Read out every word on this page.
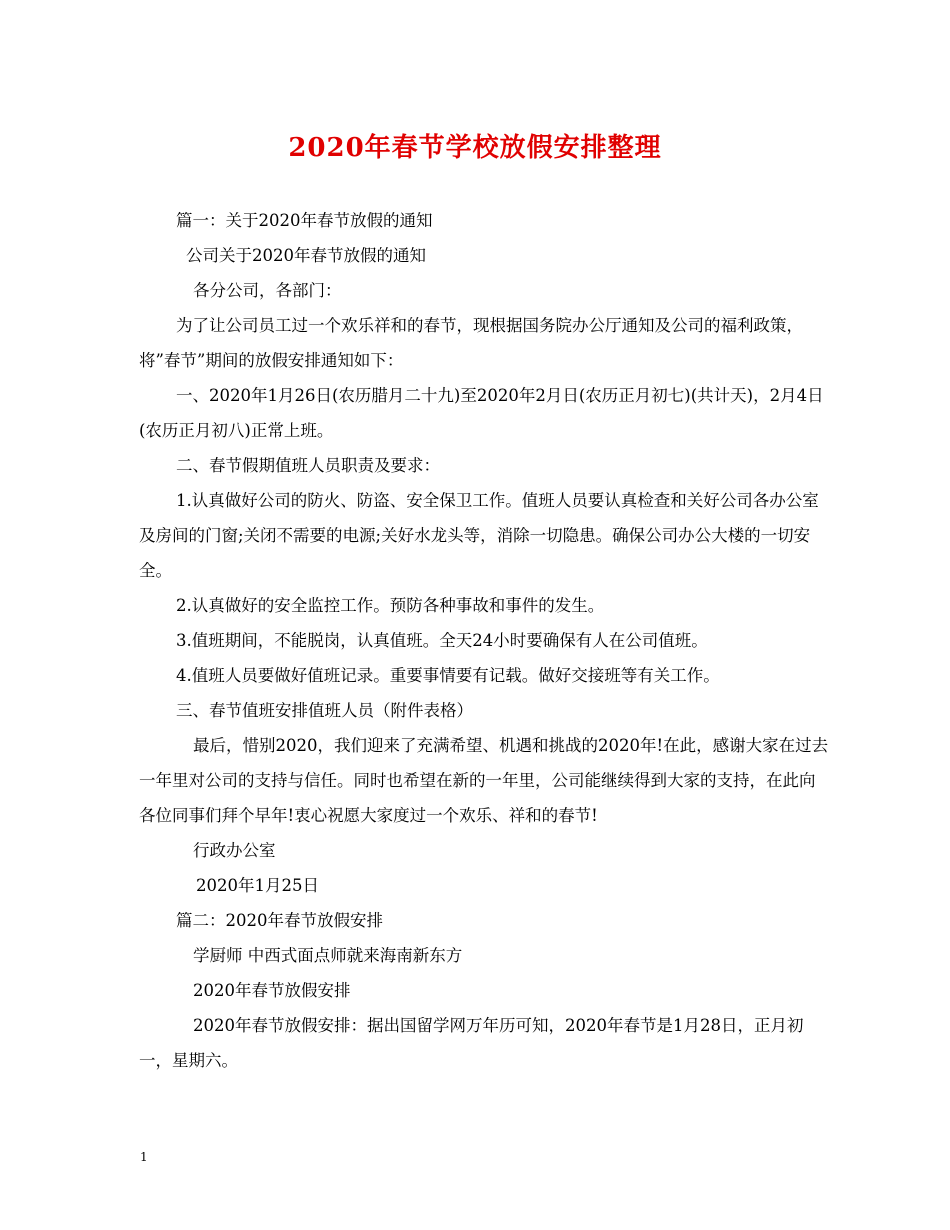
2020年春节学校放假安排整理

篇一：关于2020年春节放假的通知

公司关于2020年春节放假的通知

各分公司，各部门：

为了让公司员工过一个欢乐祥和的春节，现根据国务院办公厅通知及公司的福利政策，将”春节”期间的放假安排通知如下：

一、2020年1月26日(农历腊月二十九)至2020年2月日(农历正月初七)(共计天)，2月4日(农历正月初八)正常上班。

二、春节假期值班人员职责及要求：

1.认真做好公司的防火、防盗、安全保卫工作。值班人员要认真检查和关好公司各办公室及房间的门窗;关闭不需要的电源;关好水龙头等，消除一切隐患。确保公司办公大楼的一切安全。

2.认真做好的安全监控工作。预防各种事故和事件的发生。

3.值班期间，不能脱岗，认真值班。全天24小时要确保有人在公司值班。

4.值班人员要做好值班记录。重要事情要有记载。做好交接班等有关工作。

三、春节值班安排值班人员（附件表格）

最后，惜别2020，我们迎来了充满希望、机遇和挑战的2020年!在此，感谢大家在过去一年里对公司的支持与信任。同时也希望在新的一年里，公司能继续得到大家的支持，在此向各位同事们拜个早年!衷心祝愿大家度过一个欢乐、祥和的春节!

行政办公室

2020年1月25日

篇二：2020年春节放假安排

学厨师 中西式面点师就来海南新东方

2020年春节放假安排

2020年春节放假安排：据出国留学网万年历可知，2020年春节是1月28日，正月初一，星期六。

1
